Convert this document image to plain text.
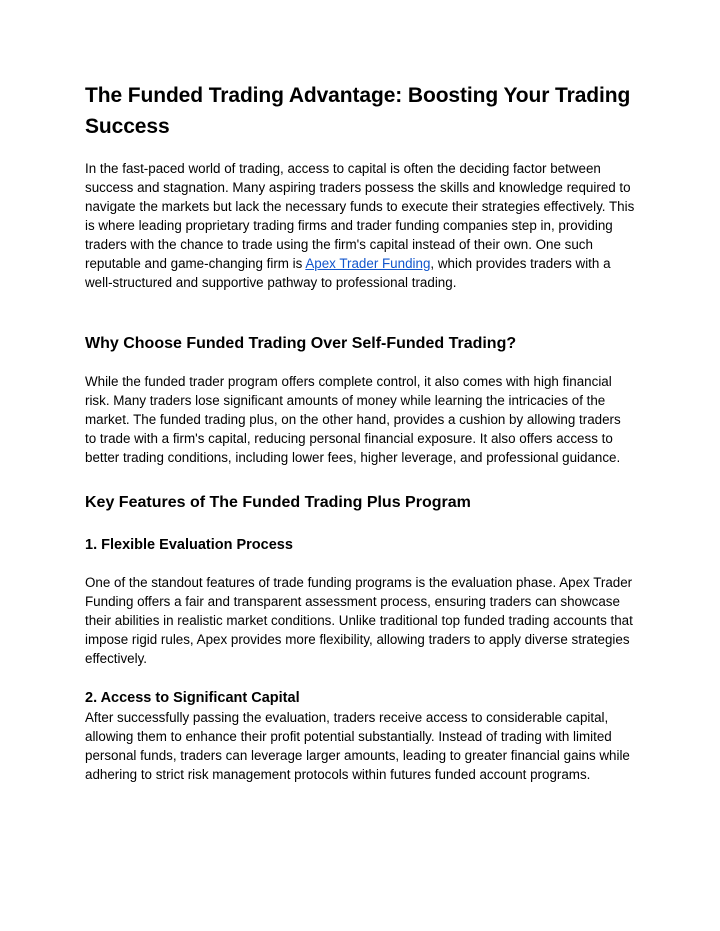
The Funded Trading Advantage: Boosting Your Trading Success

In the fast-paced world of trading, access to capital is often the deciding factor between success and stagnation. Many aspiring traders possess the skills and knowledge required to navigate the markets but lack the necessary funds to execute their strategies effectively. This is where leading proprietary trading firms and trader funding companies step in, providing traders with the chance to trade using the firm's capital instead of their own. One such reputable and game-changing firm is Apex Trader Funding, which provides traders with a well-structured and supportive pathway to professional trading.

Why Choose Funded Trading Over Self-Funded Trading?

While the funded trader program offers complete control, it also comes with high financial risk. Many traders lose significant amounts of money while learning the intricacies of the market. The funded trading plus, on the other hand, provides a cushion by allowing traders to trade with a firm's capital, reducing personal financial exposure. It also offers access to better trading conditions, including lower fees, higher leverage, and professional guidance.

Key Features of The Funded Trading Plus Program
1. Flexible Evaluation Process

One of the standout features of trade funding programs is the evaluation phase. Apex Trader Funding offers a fair and transparent assessment process, ensuring traders can showcase their abilities in realistic market conditions. Unlike traditional top funded trading accounts that impose rigid rules, Apex provides more flexibility, allowing traders to apply diverse strategies effectively.

2. Access to Significant Capital

After successfully passing the evaluation, traders receive access to considerable capital, allowing them to enhance their profit potential substantially. Instead of trading with limited personal funds, traders can leverage larger amounts, leading to greater financial gains while adhering to strict risk management protocols within futures funded account programs.
